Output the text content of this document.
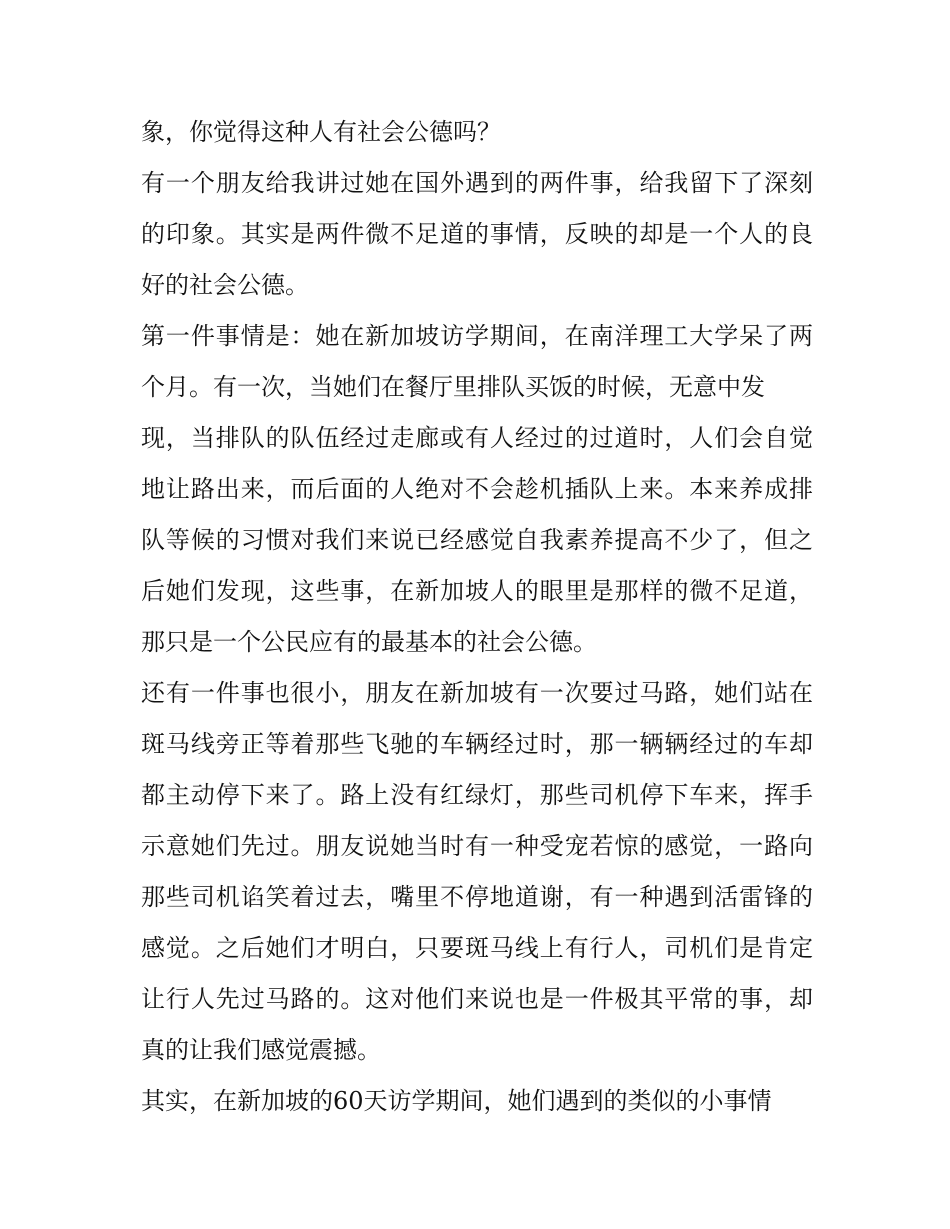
象，你觉得这种人有社会公德吗？
有一个朋友给我讲过她在国外遇到的两件事，给我留下了深刻
的印象。其实是两件微不足道的事情，反映的却是一个人的良
好的社会公德。
第一件事情是：她在新加坡访学期间，在南洋理工大学呆了两
个月。有一次，当她们在餐厅里排队买饭的时候，无意中发
现，当排队的队伍经过走廊或有人经过的过道时，人们会自觉
地让路出来，而后面的人绝对不会趁机插队上来。本来养成排
队等候的习惯对我们来说已经感觉自我素养提高不少了，但之
后她们发现，这些事，在新加坡人的眼里是那样的微不足道，
那只是一个公民应有的最基本的社会公德。
还有一件事也很小，朋友在新加坡有一次要过马路，她们站在
斑马线旁正等着那些飞驰的车辆经过时，那一辆辆经过的车却
都主动停下来了。路上没有红绿灯，那些司机停下车来，挥手
示意她们先过。朋友说她当时有一种受宠若惊的感觉，一路向
那些司机谄笑着过去，嘴里不停地道谢，有一种遇到活雷锋的
感觉。之后她们才明白，只要斑马线上有行人，司机们是肯定
让行人先过马路的。这对他们来说也是一件极其平常的事，却
真的让我们感觉震撼。
其实，在新加坡的60天访学期间，她们遇到的类似的小事情
